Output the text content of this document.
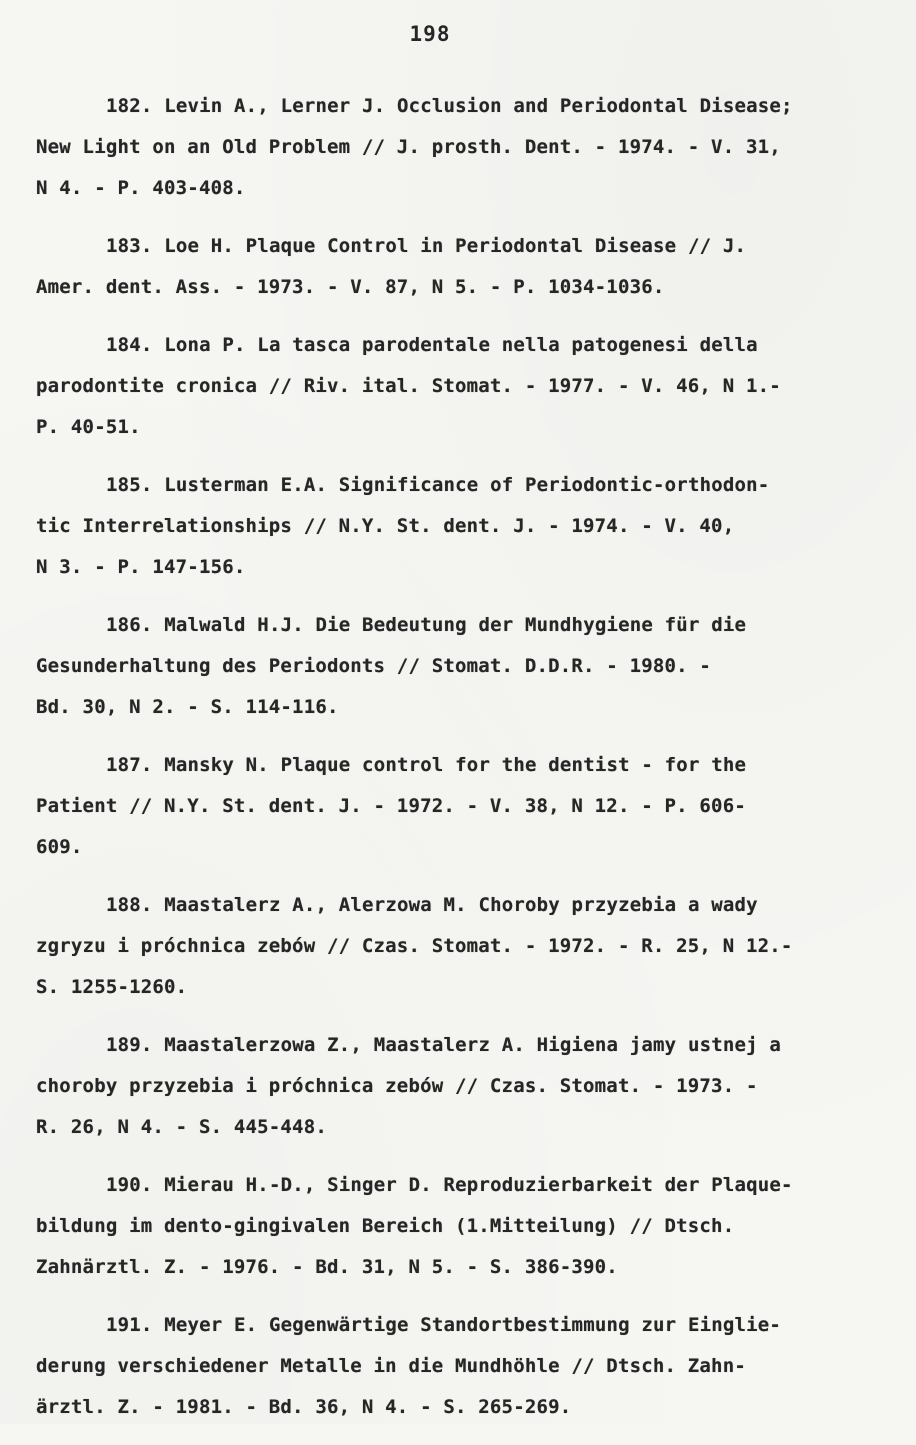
198
182. Levin A., Lerner J. Occlusion and Periodontal Disease;
New Light on an Old Problem // J. prosth. Dent. - 1974. - V. 31,
N 4. - P. 403-408.
183. Loe H. Plaque Control in Periodontal Disease // J.
Amer. dent. Ass. - 1973. - V. 87, N 5. - P. 1034-1036.
184. Lona P. La tasca parodentale nella patogenesi della
parodontite cronica // Riv. ital. Stomat. - 1977. - V. 46, N 1.-
P. 40-51.
185. Lusterman E.A. Significance of Periodontic-orthodon-
tic Interrelationships // N.Y. St. dent. J. - 1974. - V. 40,
N 3. - P. 147-156.
186. Malwald H.J. Die Bedeutung der Mundhygiene für die
Gesunderhaltung des Periodonts // Stomat. D.D.R. - 1980. -
Bd. 30, N 2. - S. 114-116.
187. Mansky N. Plaque control for the dentist - for the
Patient // N.Y. St. dent. J. - 1972. - V. 38, N 12. - P. 606-
609.
188. Maastalerz A., Alerzowa M. Choroby przyzebia a wady
zgryzu i próchnica zebów // Czas. Stomat. - 1972. - R. 25, N 12.-
S. 1255-1260.
189. Maastalerzowa Z., Maastalerz A. Higiena jamy ustnej a
choroby przyzebia i próchnica zebów // Czas. Stomat. - 1973. -
R. 26, N 4. - S. 445-448.
190. Mierau H.-D., Singer D. Reproduzierbarkeit der Plaque-
bildung im dento-gingivalen Bereich (1.Mitteilung) // Dtsch.
Zahnärztl. Z. - 1976. - Bd. 31, N 5. - S. 386-390.
191. Meyer E. Gegenwärtige Standortbestimmung zur Eingliе-
derung verschiedener Metalle in die Mundhöhle // Dtsch. Zahn-
ärztl. Z. - 1981. - Bd. 36, N 4. - S. 265-269.
